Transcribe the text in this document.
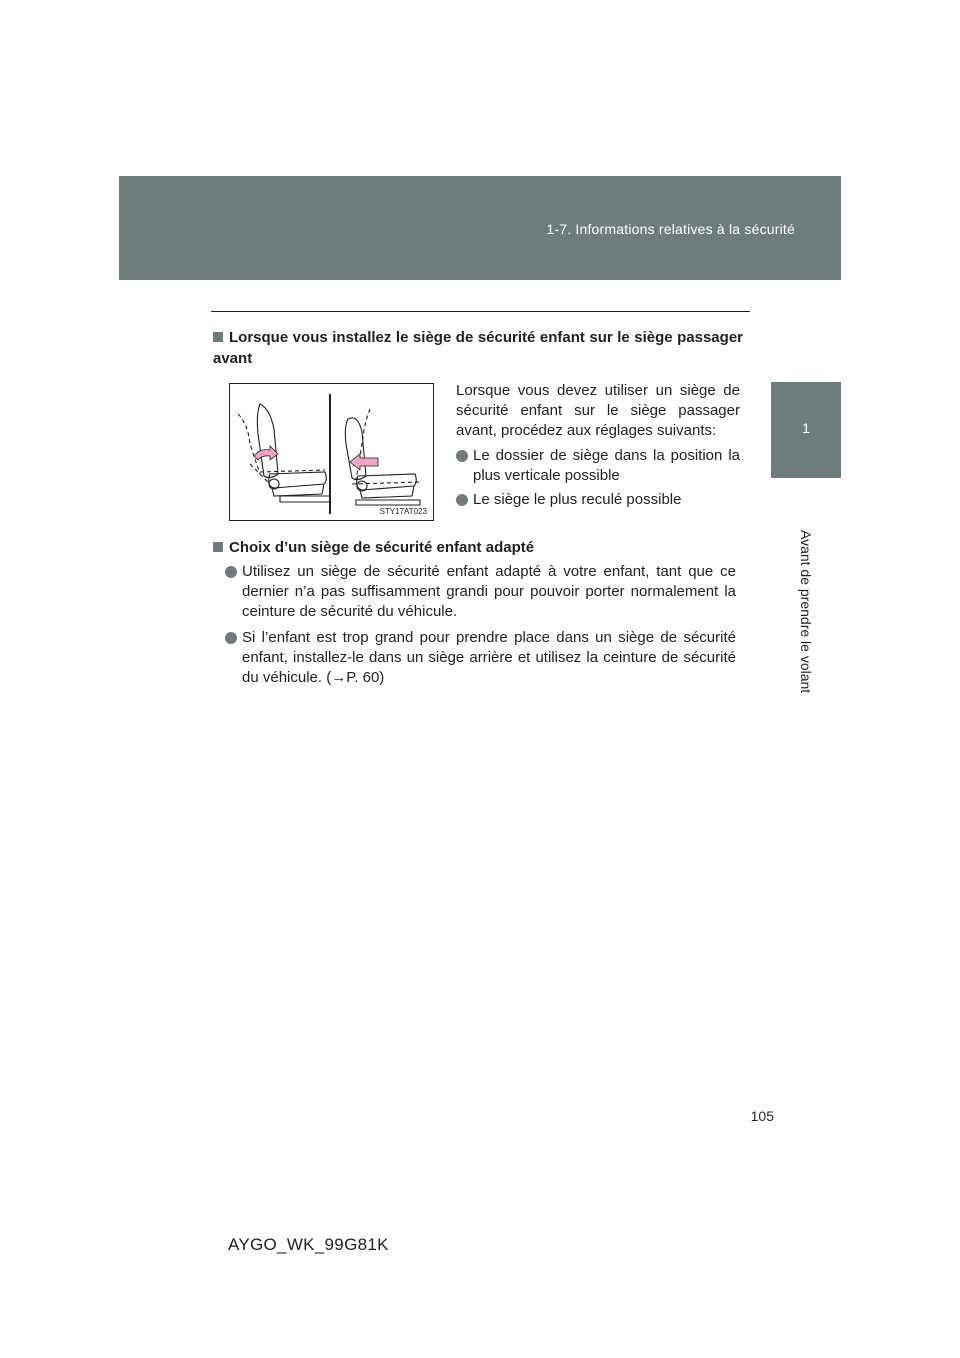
1-7. Informations relatives à la sécurité
1
Avant de prendre le volant
Lorsque vous installez le siège de sécurité enfant sur le siège passager avant
STY17AT023
Lorsque vous devez utiliser un siège de sécurité enfant sur le siège passager avant, procédez aux réglages suivants:
Le dossier de siège dans la position la plus verticale possible
Le siège le plus reculé possible
Choix d’un siège de sécurité enfant adapté
Utilisez un siège de sécurité enfant adapté à votre enfant, tant que ce dernier n’a pas suffisamment grandi pour pouvoir porter normalement la ceinture de sécurité du véhicule.
Si l’enfant est trop grand pour prendre place dans un siège de sécurité enfant, installez-le dans un siège arrière et utilisez la ceinture de sécurité du véhicule. (→P. 60)
105
AYGO_WK_99G81K
